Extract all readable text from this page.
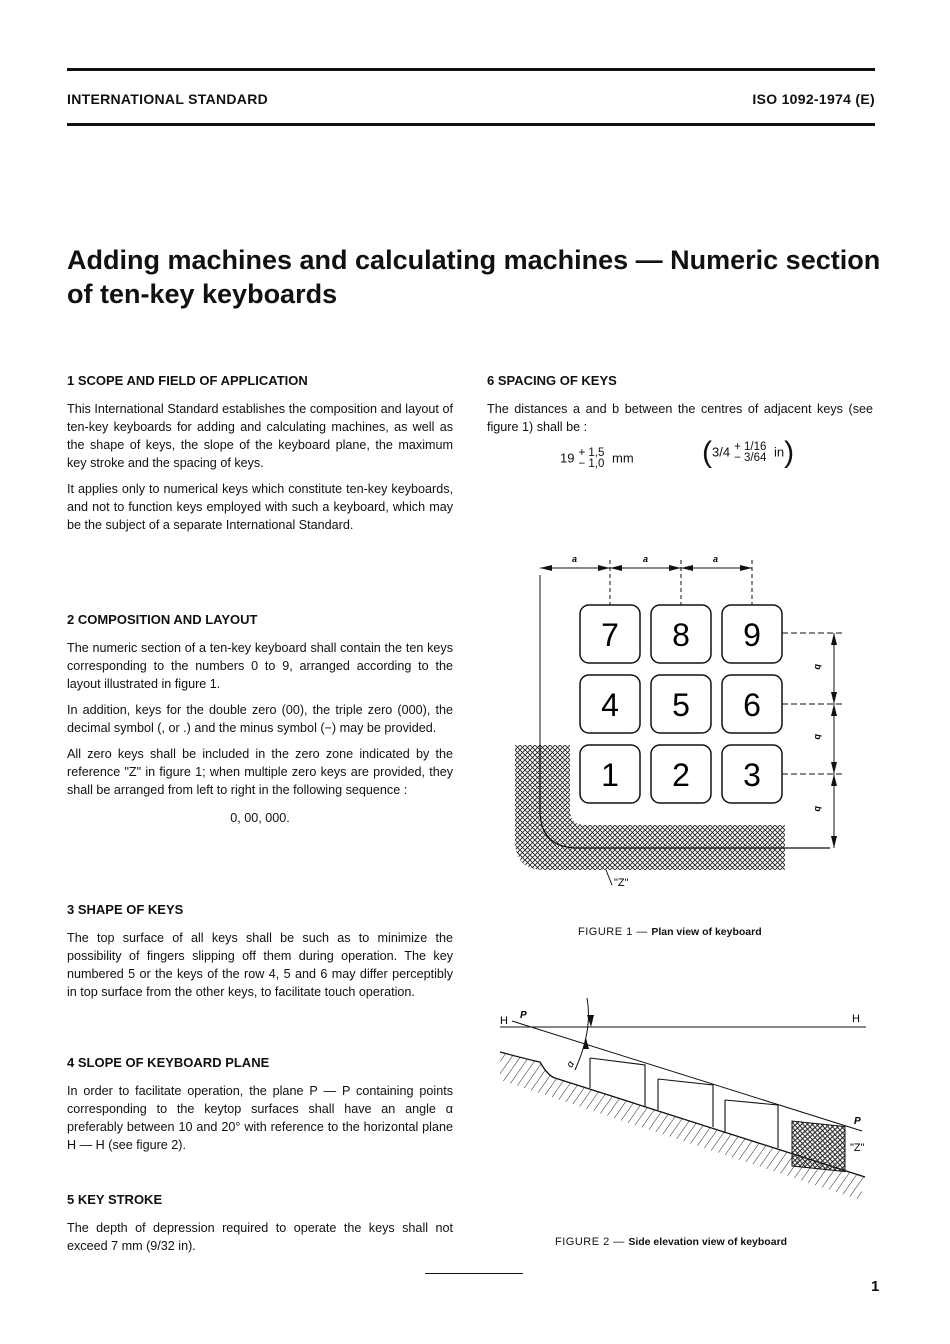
INTERNATIONAL STANDARD	ISO 1092-1974 (E)
Adding machines and calculating machines — Numeric section of ten-key keyboards
1 SCOPE AND FIELD OF APPLICATION

This International Standard establishes the composition and layout of ten-key keyboards for adding and calculating machines, as well as the shape of keys, the slope of the keyboard plane, the maximum key stroke and the spacing of keys.

It applies only to numerical keys which constitute ten-key keyboards, and not to function keys employed with such a keyboard, which may be the subject of a separate International Standard.

2 COMPOSITION AND LAYOUT

The numeric section of a ten-key keyboard shall contain the ten keys corresponding to the numbers 0 to 9, arranged according to the layout illustrated in figure 1.

In addition, keys for the double zero (00), the triple zero (000), the decimal symbol (, or .) and the minus symbol (−) may be provided.

All zero keys shall be included in the zero zone indicated by the reference "Z" in figure 1; when multiple zero keys are provided, they shall be arranged from left to right in the following sequence :

0, 00, 000.

3 SHAPE OF KEYS

The top surface of all keys shall be such as to minimize the possibility of fingers slipping off them during operation. The key numbered 5 or the keys of the row 4, 5 and 6 may differ perceptibly in top surface from the other keys, to facilitate touch operation.

4 SLOPE OF KEYBOARD PLANE

In order to facilitate operation, the plane P — P containing points corresponding to the keytop surfaces shall have an angle α preferably between 10 and 20° with reference to the horizontal plane H — H (see figure 2).

5 KEY STROKE

The depth of depression required to operate the keys shall not exceed 7 mm (9/32 in).

6 SPACING OF KEYS

The distances a and b between the centres of adjacent keys (see figure 1) shall be :

19 + 1,5
− 1,0 mm (3/4 + 1/16
− 3/64 in)
a	a	a
b
b
b
7 8 9
4 5 6
1 2 3
"Z"
FIGURE 1 — Plan view of keyboard
H	H
P
P
α
"Z"
FIGURE 2 — Side elevation view of keyboard
1
